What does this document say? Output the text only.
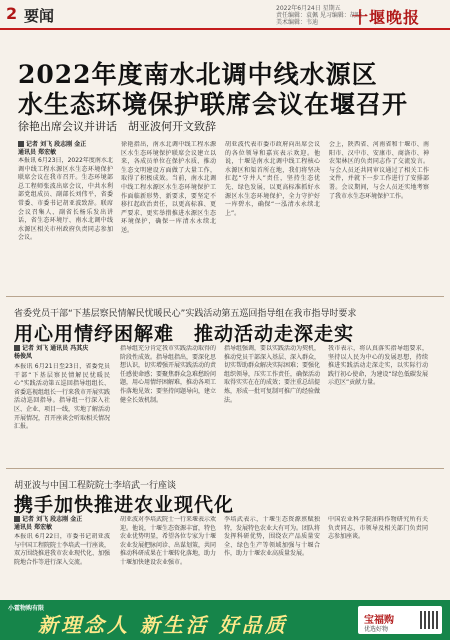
2 要闻	2022年6月24日 星期五
责任编辑：袁佩 见习编辑：胡晓
美术编辑：韦迪	十堰晚报
2022年度南水北调中线水源区
水生态环境保护联席会议在堰召开
徐艳出席会议并讲话　胡亚波何开文致辞
记者 刘飞 段志刚 金正
通讯员 郑宏敏
本报讯 6月23日，2022年度南水北调中线工程水源区水生态环境保护联席会议在我市召开。生态环境部总工程师张波出席会议，中共水利部党组成员、副部长刘伟平，省委常委、市委书记胡亚波致辞。联席会议召集人、副省长杨乐发出讲话，省生态环境厅、南水北调中线水源区相关市州政府负责同志参加会议。
徐艳指出，南水北调中线工程水源区水生态环境保护联席会议建立以来，各成员单位在保护水质、推动生态文明建设方面做了大量工作，取得了积极成效。当前，南水北调中线工程水源区水生态环境保护工作面临新形势、新要求，要坚定不移扛起政治责任，以更高标准、更严要求、更实举措推进水源区生态环境保护，确保一库清水永续北送。
胡亚波代表市委市政府向出席会议的各位领导和嘉宾表示欢迎。他说，十堰是南水北调中线工程核心水源区和渠首所在地，我们将坚决扛起“守井人”责任，坚持生态优先、绿色发展，以更高标准抓好水源区水生态环境保护，全力守护好一库碧水，确保“一泓清水永续北上”。
会上，陕西省、河南省和十堰市、南阳市、汉中市、安康市、商洛市、神农架林区的负责同志作了交流发言。与会人员还共同审议通过了相关工作文件，并就下一步工作进行了安排部署。会议期间，与会人员还实地考察了我市水生态环境保护工作。
省委党员干部“下基层察民情解民忧暖民心”实践活动第五巡回指导组在我市指导时要求
用心用情纾困解难　推动活动走深走实
记者 刘飞 通讯员 冯其庆
杨俊凤
本报讯 6月21日至23日，省委党员干部“下基层察民情解民忧暖民心”实践活动第五巡回指导组组长、省委巡视组组长一行来我市开展实践活动巡回指导。指导组一行深入社区、企业、项目一线，实地了解活动开展情况，召开座谈会听取相关情况汇报。
指导组充分肯定我市实践活动取得的阶段性成效。指导组指出，要深化思想认识，切实增强开展实践活动的责任感使命感；要聚焦群众急难愁盼问题，用心用情纾困解难，推动各项工作落地见效；要坚持问题导向，建立健全长效机制。
指导组强调，要以实践活动为契机，推动党员干部深入基层、深入群众，切实帮助群众解决实际困难；要强化组织领导，压实工作责任，确保活动取得实实在在的成效；要注重总结提炼，形成一批可复制可推广的经验做法。
我市表示，将认真落实指导组要求，坚持以人民为中心的发展思想，持续推进实践活动走深走实，以实际行动践行初心使命，为建设“绿色低碳发展示范区”贡献力量。
胡亚波与中国工程院院士李培武一行座谈
携手加快推进农业现代化
记者 刘飞 段志刚 金正
通讯员 郑宏敏
本报讯 6月22日，市委书记胡亚波与中国工程院院士李培武一行座谈，双方围绕推进我市农业现代化、加强院地合作等进行深入交流。
胡亚波对李培武院士一行来堰表示欢迎。他说，十堰生态资源丰富，特色农业优势明显，希望各位专家为十堰农业发展把脉问诊、出谋划策，共同推动科研成果在十堰转化落地，助力十堰加快建设农业强市。
李培武表示，十堰生态资源禀赋独特，发展特色农业大有可为。团队将发挥科研优势，围绕农产品质量安全、绿色生产等领域加强与十堰合作，助力十堰农业高质量发展。
中国农业科学院油料作物研究所有关负责同志，市领导及相关部门负责同志参加座谈。
小霍物购有限
新理念人 新生活 好品质	宝福购
优选好物
